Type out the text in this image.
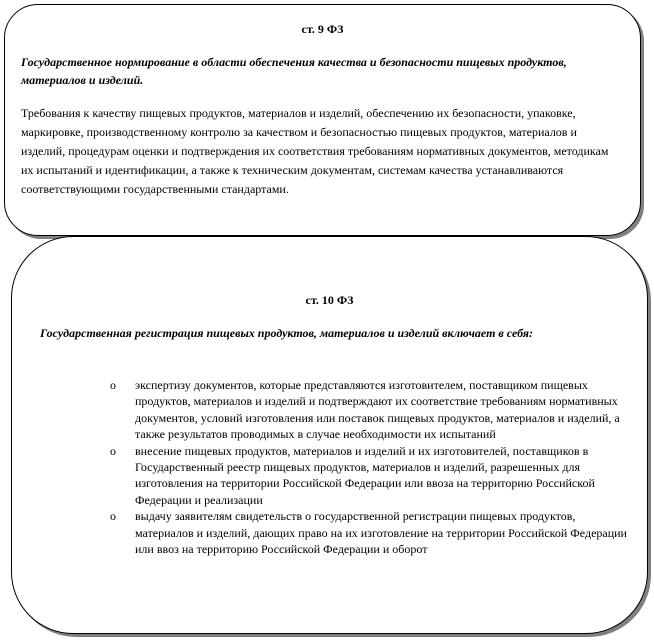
ст. 9 ФЗ
Государственное нормирование в области обеспечения качества и безопасности пищевых продуктов, материалов и изделий.
Требования к качеству пищевых продуктов, материалов и изделий, обеспечению их безопасности, упаковке, маркировке, производственному контролю за качеством и безопасностью пищевых продуктов, материалов и изделий, процедурам оценки и подтверждения их соответствия требованиям нормативных документов, методикам их испытаний и идентификации, а также к техническим документам, системам качества устанавливаются соответствующими государственными стандартами.
ст. 10 ФЗ
Государственная регистрация пищевых продуктов, материалов и изделий включает в себя:
o экспертизу документов, которые представляются изготовителем, поставщиком пищевых продуктов, материалов и изделий и подтверждают их соответствие требованиям нормативных документов, условий изготовления или поставок пищевых продуктов, материалов и изделий, а также результатов проводимых в случае необходимости их испытаний
o внесение пищевых продуктов, материалов и изделий и их изготовителей, поставщиков в Государственный реестр пищевых продуктов, материалов и изделий, разрешенных для изготовления на территории Российской Федерации или ввоза на территорию Российской Федерации и реализации
o выдачу заявителям свидетельств о государственной регистрации пищевых продуктов, материалов и изделий, дающих право на их изготовление на территории Российской Федерации или ввоз на территорию Российской Федерации и оборот
